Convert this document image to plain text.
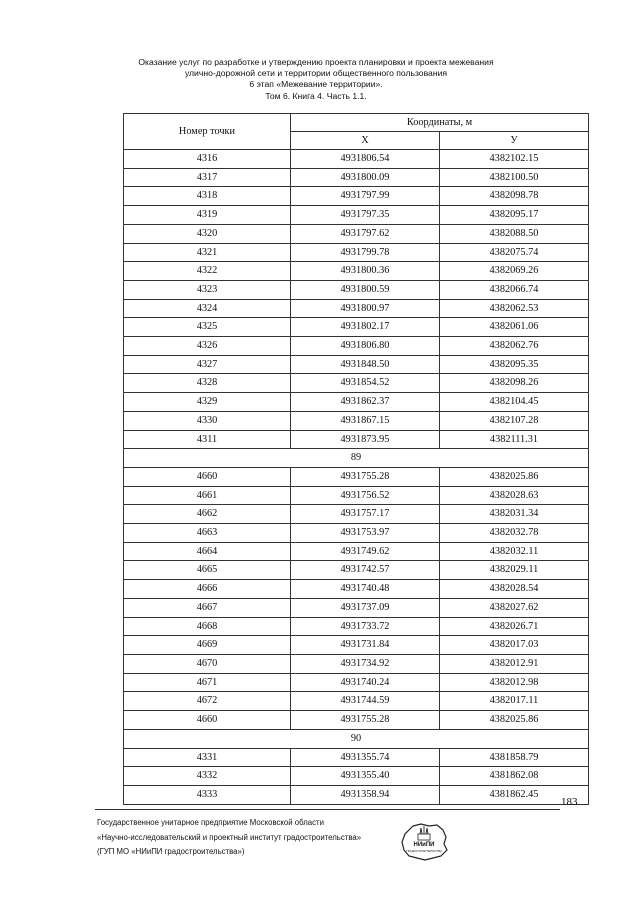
Оказание услуг по разработке и утверждению проекта планировки и проекта межевания
улично-дорожной сети и территории общественного пользования
6 этап «Межевание территории».
Том 6. Книга 4. Часть 1.1.
Номер точки	Координаты, м	
	X	У
4316	4931806.54	4382102.15
4317	4931800.09	4382100.50
4318	4931797.99	4382098.78
4319	4931797.35	4382095.17
4320	4931797.62	4382088.50
4321	4931799.78	4382075.74
4322	4931800.36	4382069.26
4323	4931800.59	4382066.74
4324	4931800.97	4382062.53
4325	4931802.17	4382061.06
4326	4931806.80	4382062.76
4327	4931848.50	4382095.35
4328	4931854.52	4382098.26
4329	4931862.37	4382104.45
4330	4931867.15	4382107.28
4311	4931873.95	4382111.31
89		
4660	4931755.28	4382025.86
4661	4931756.52	4382028.63
4662	4931757.17	4382031.34
4663	4931753.97	4382032.78
4664	4931749.62	4382032.11
4665	4931742.57	4382029.11
4666	4931740.48	4382028.54
4667	4931737.09	4382027.62
4668	4931733.72	4382026.71
4669	4931731.84	4382017.03
4670	4931734.92	4382012.91
4671	4931740.24	4382012.98
4672	4931744.59	4382017.11
4660	4931755.28	4382025.86
90		
4331	4931355.74	4381858.79
4332	4931355.40	4381862.08
4333	4931358.94	4381862.45
183
Государственное унитарное предприятие Московской области
«Научно-исследовательский и проектный институт градостроительства»
(ГУП МО «НИиПИ градостроительства»)
НИиПИ
ГРАДОСТРОИТЕЛЬСТВА
